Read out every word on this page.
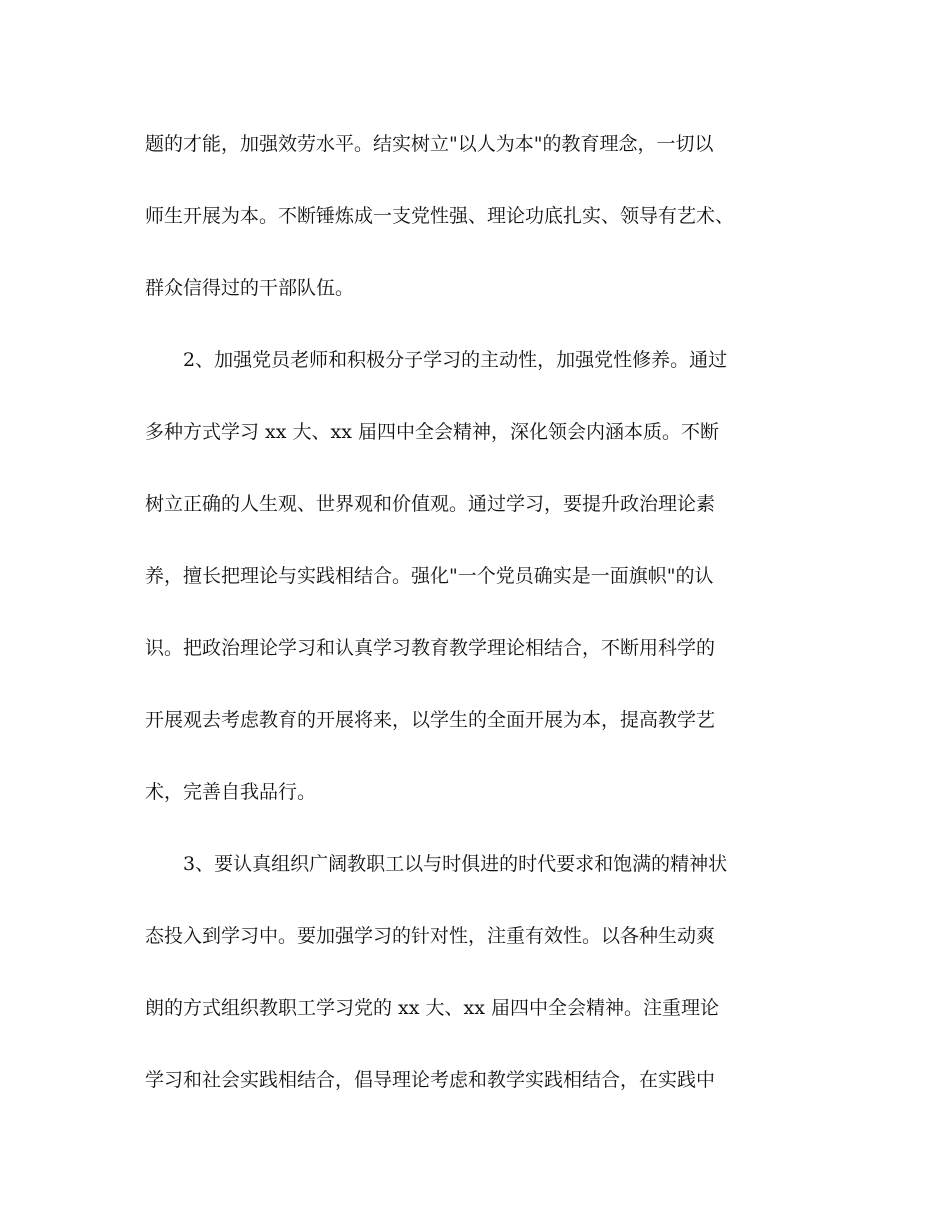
题的才能，加强效劳水平。结实树立"以人为本"的教育理念，一切以
师生开展为本。不断锤炼成一支党性强、理论功底扎实、领导有艺术、
群众信得过的干部队伍。
2、加强党员老师和积极分子学习的主动性，加强党性修养。通过
多种方式学习 xx 大、xx 届四中全会精神，深化领会内涵本质。不断
树立正确的人生观、世界观和价值观。通过学习，要提升政治理论素
养，擅长把理论与实践相结合。强化"一个党员确实是一面旗帜"的认
识。把政治理论学习和认真学习教育教学理论相结合，不断用科学的
开展观去考虑教育的开展将来，以学生的全面开展为本，提高教学艺
术，完善自我品行。
3、要认真组织广阔教职工以与时俱进的时代要求和饱满的精神状
态投入到学习中。要加强学习的针对性，注重有效性。以各种生动爽
朗的方式组织教职工学习党的 xx 大、xx 届四中全会精神。注重理论
学习和社会实践相结合，倡导理论考虑和教学实践相结合，在实践中
